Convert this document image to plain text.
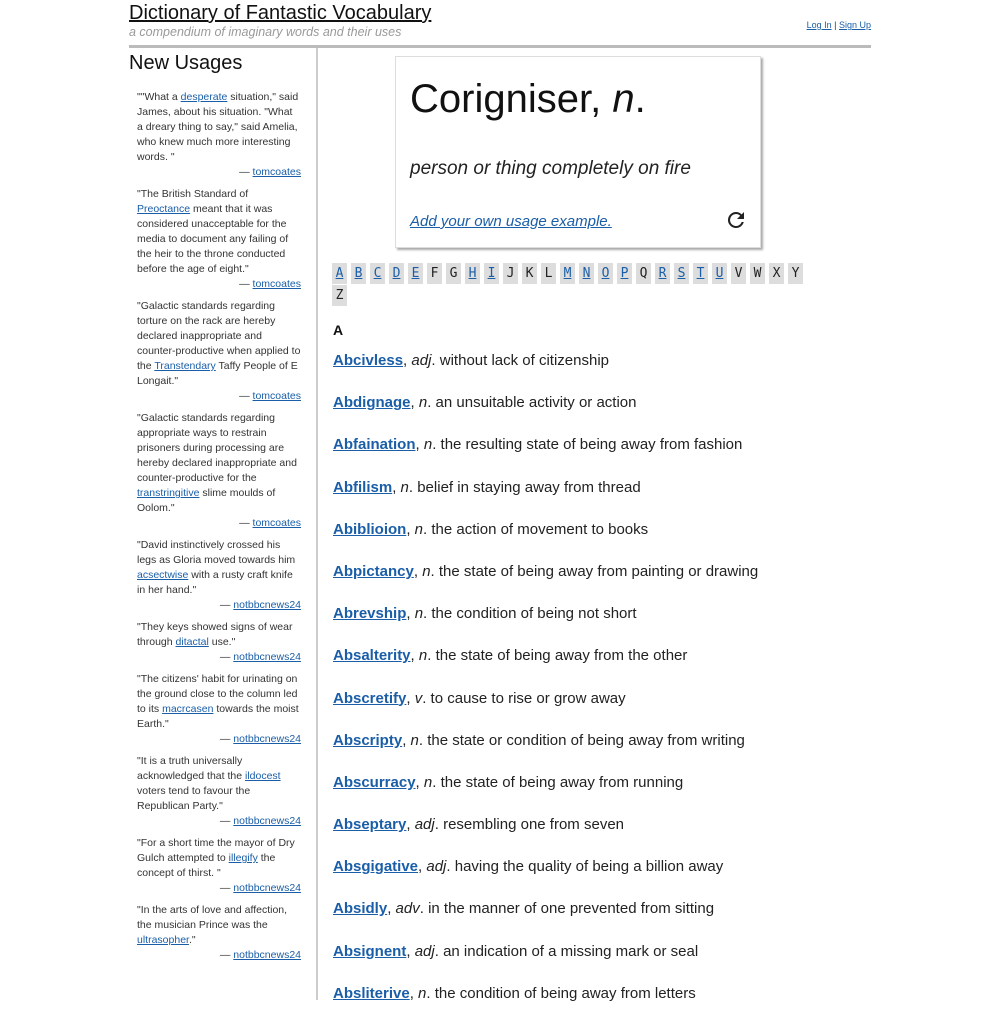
Dictionary of Fantastic Vocabulary
a compendium of imaginary words and their uses	Log In | Sign Up
New Usages
""What a desperate situation," said James, about his situation. "What a dreary thing to say," said Amelia, who knew much more interesting words. "
— tomcoates
"The British Standard of Preoctance meant that it was considered unacceptable for the media to document any failing of the heir to the throne conducted before the age of eight."
— tomcoates
"Galactic standards regarding torture on the rack are hereby declared inappropriate and counter-productive when applied to the Transtendary Taffy People of E Longait."
— tomcoates
"Galactic standards regarding appropriate ways to restrain prisoners during processing are hereby declared inappropriate and counter-productive for the transtringitive slime moulds of Oolom."
— tomcoates
"David instinctively crossed his legs as Gloria moved towards him acsectwise with a rusty craft knife in her hand."
— notbbcnews24
"They keys showed signs of wear through ditactal use."
— notbbcnews24
"The citizens' habit for urinating on the ground close to the column led to its macrcasen towards the moist Earth."
— notbbcnews24
"It is a truth universally acknowledged that the ildocest voters tend to favour the Republican Party."
— notbbcnews24
"For a short time the mayor of Dry Gulch attempted to illegify the concept of thirst. "
— notbbcnews24
"In the arts of love and affection, the musician Prince was the ultrasopher."
— notbbcnews24
Corigniser, n.
person or thing completely on fire
Add your own usage example.
A B C D E F G H I J K L M N O P Q R S T U V W X Y
Z
A
Abcivless, adj. without lack of citizenship
Abdignage, n. an unsuitable activity or action
Abfaination, n. the resulting state of being away from fashion
Abfilism, n. belief in staying away from thread
Abiblioion, n. the action of movement to books
Abpictancy, n. the state of being away from painting or drawing
Abrevship, n. the condition of being not short
Absalterity, n. the state of being away from the other
Abscretify, v. to cause to rise or grow away
Abscripty, n. the state or condition of being away from writing
Abscurracy, n. the state of being away from running
Abseptary, adj. resembling one from seven
Absgigative, adj. having the quality of being a billion away
Absidly, adv. in the manner of one prevented from sitting
Absignent, adj. an indication of a missing mark or seal
Absliterive, n. the condition of being away from letters
